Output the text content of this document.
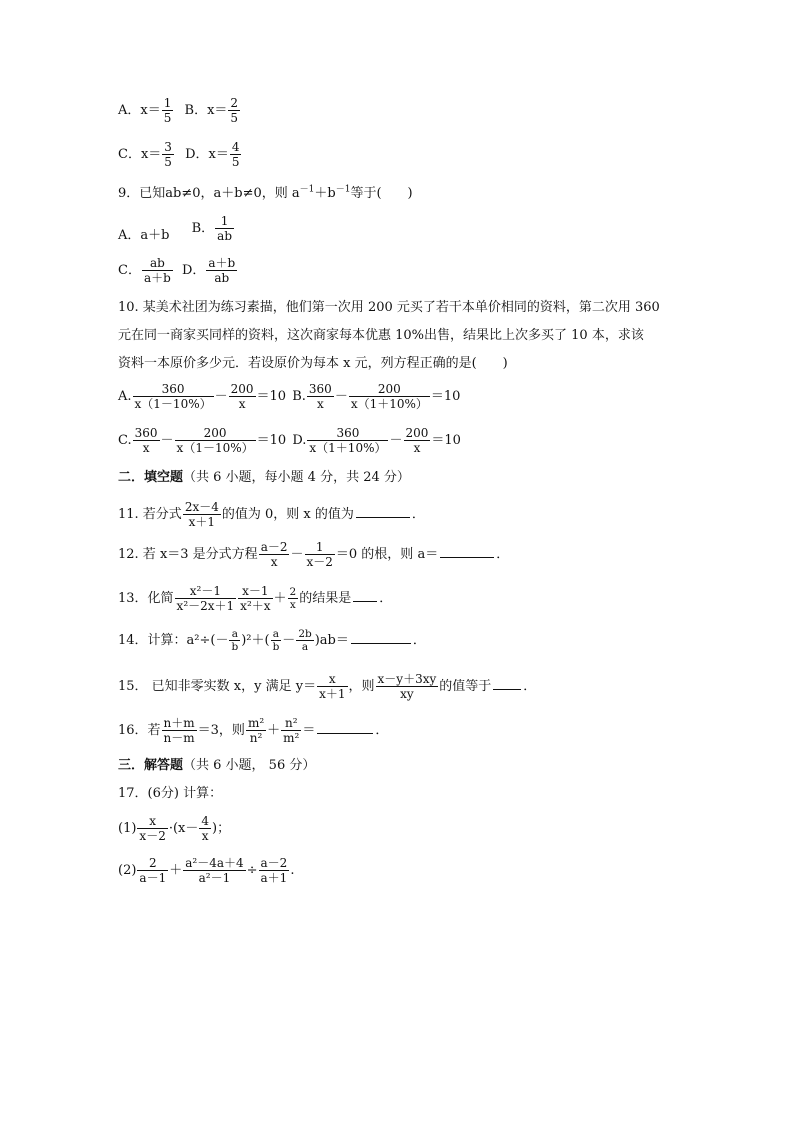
A．$x= \frac{1}{5}$ B．$x= \frac{2}{5}$
C．$x= \frac{3}{5}$ D．$x= \frac{4}{5}$
9．已知ab≠0，a＋b≠0，则 $a^{-1}+b^{-1}$等于(　　)
A．a＋b B． $\frac{1}{ab}$
C． $\frac{ab}{a+b}$ D． $\frac{a+b}{ab}$
10. 某美术社团为练习素描，他们第一次用 200 元买了若干本单价相同的资料，第二次用 360
元在同一商家买同样的资料，这次商家每本优惠 10%出售，结果比上次多买了 10 本，求该
资料一本原价多少元．若设原价为每本 x 元，列方程正确的是(　　)
A. $\frac{360}{x(1-10\%)} - \frac{200}{x} =10$ B. $\frac{360}{x} - \frac{200}{x(1+10\%)} =10$
C. $\frac{360}{x} - \frac{200}{x(1-10\%)} =10$ D. $\frac{360}{x(1+10\%)} - \frac{200}{x} =10$
二．填空题（共 6 小题，每小题 4 分，共 24 分）
11. 若分式 $\frac{2x-4}{x+1}$ 的值为 0，则 x 的值为	．
12. 若 x＝3 是分式方程 $\frac{a-2}{x} - \frac{1}{x-2} =0$ 的根，则 a＝	．
13．化简 $\frac{\text{x²－1}}{\text{x²－2x＋1}} \frac{x-1}{\text{x²＋x}} + \frac{2}{x}$ 的结果是 ．
14．计算：$a^2\div(- \frac{a}{b} )^2+( \frac{a}{b} - \frac{2b}{a} )ab=$	．
15． 已知非零实数 x，y 满足 $y= \frac{x}{x+1}$ ，则 $\frac{x-y+3xy}{xy}$ 的值等于 ．
16．若 $\frac{n+m}{n-m} =3$，则 $\frac{\text{m²}}{\text{n²}} + \frac{\text{n²}}{\text{m²}}$ ＝	．
三．解答题（共 6 小题， 56 分）
17．(6分) 计算：
$(1) \frac{x}{x-2} \cdot(x- \frac{4}{x}$ )；
$(2) \frac{2}{a-1} + \frac{\text{a²－4a＋4}}{\text{a²－1}} \div \frac{a-2}{a+1}$ .
